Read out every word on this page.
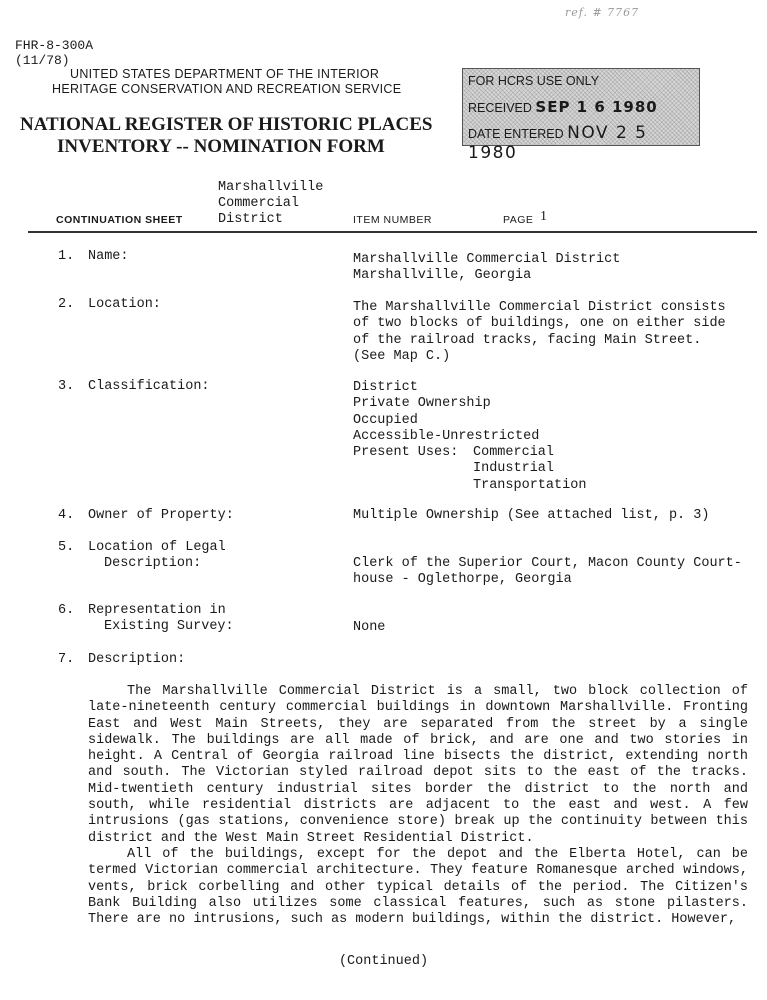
ref. # 7767
FHR-8-300A
(11/78)
UNITED STATES DEPARTMENT OF THE INTERIOR
HERITAGE CONSERVATION AND RECREATION SERVICE
NATIONAL REGISTER OF HISTORIC PLACES
INVENTORY -- NOMINATION FORM
FOR HCRS USE ONLY
RECEIVED SEP 1 6 1980
DATE ENTERED NOV 2 5 1980
Marshallville
Commercial
District
CONTINUATION SHEET	ITEM NUMBER	PAGE 1
1. Name:	Marshallville Commercial District
Marshallville, Georgia
2. Location:	The Marshallville Commercial District consists
of two blocks of buildings, one on either side
of the railroad tracks, facing Main Street.
(See Map C.)
3. Classification:	District
Private Ownership
Occupied
Accessible-Unrestricted
Present Uses:	Commercial
Industrial
Transportation
4. Owner of Property:	Multiple Ownership (See attached list, p. 3)
5. Location of Legal
Description:	Clerk of the Superior Court, Macon County Court-
house - Oglethorpe, Georgia
6. Representation in
Existing Survey:	None
7. Description:

The Marshallville Commercial District is a small, two block collection of late-nineteenth century commercial buildings in downtown Marshallville. Fronting East and West Main Streets, they are separated from the street by a single sidewalk. The buildings are all made of brick, and are one and two stories in height. A Central of Georgia railroad line bisects the district, extending north and south. The Victorian styled railroad depot sits to the east of the tracks. Mid-twentieth century industrial sites border the district to the north and south, while residential districts are adjacent to the east and west. A few intrusions (gas stations, convenience store) break up the continuity between this district and the West Main Street Residential District.

All of the buildings, except for the depot and the Elberta Hotel, can be termed Victorian commercial architecture. They feature Romanesque arched windows, vents, brick corbelling and other typical details of the period. The Citizen's Bank Building also utilizes some classical features, such as stone pilasters. There are no intrusions, such as modern buildings, within the district. However,

(Continued)
